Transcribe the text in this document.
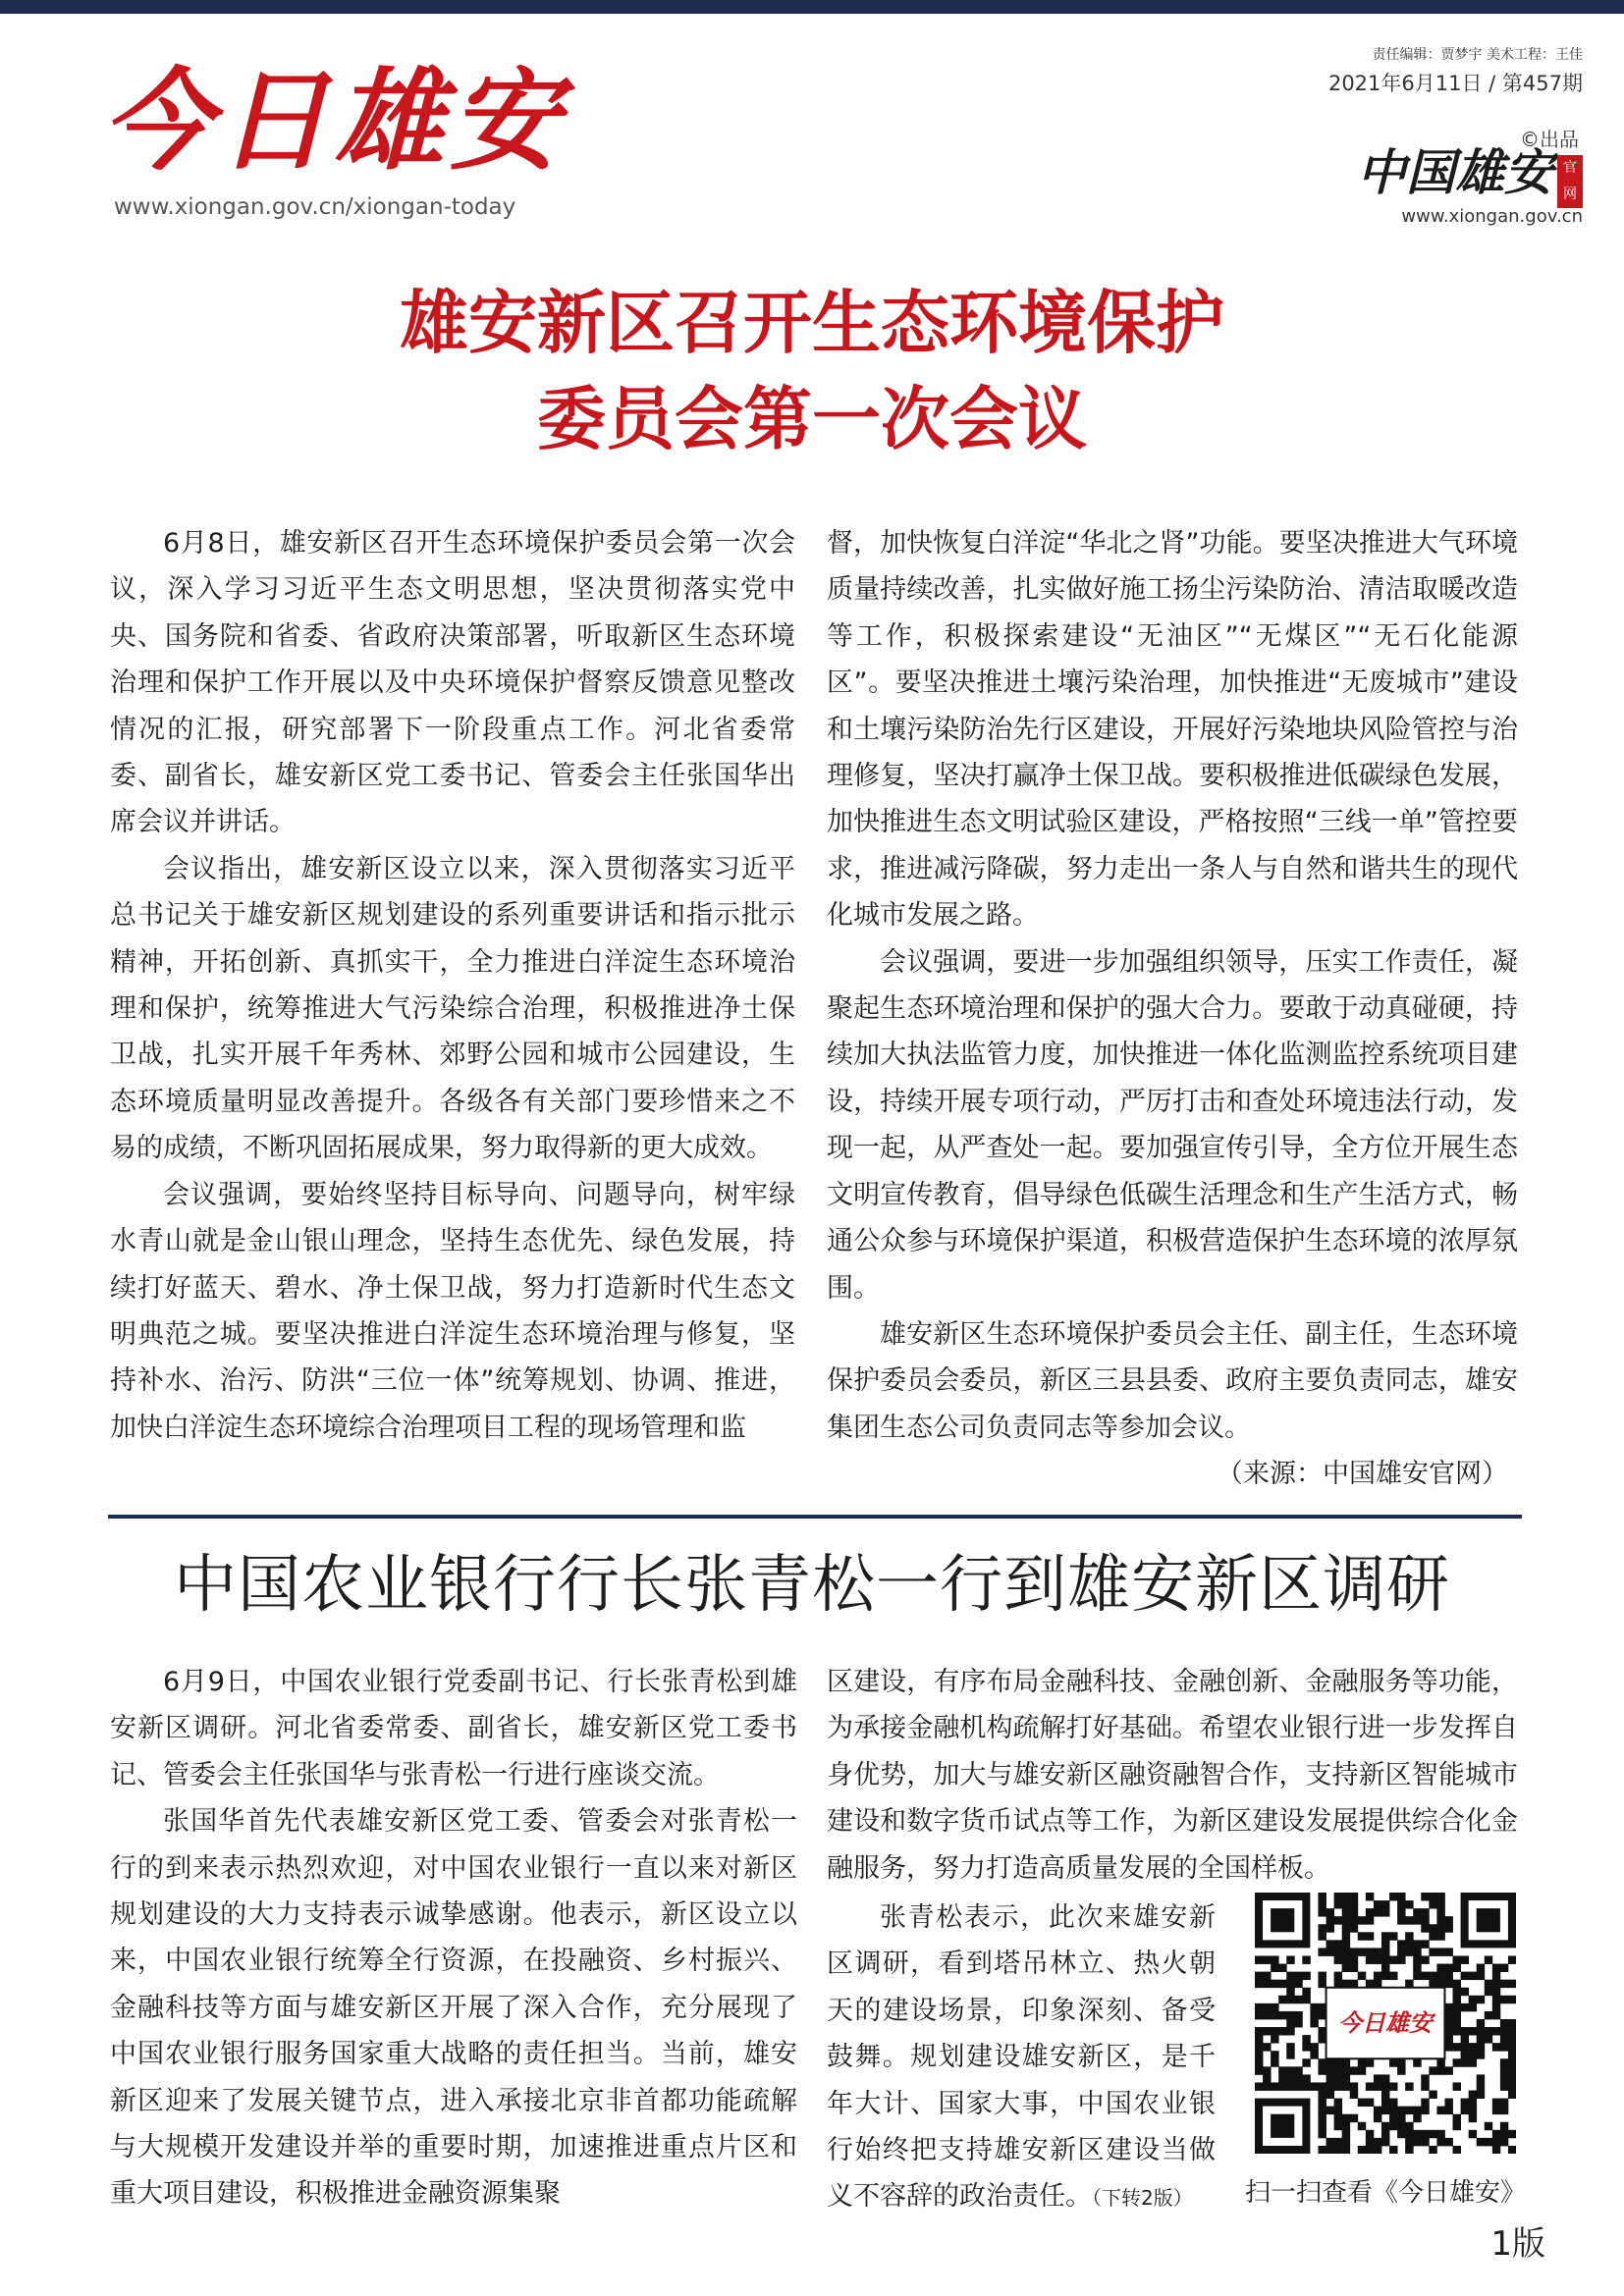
今日雄安
www.xiongan.gov.cn/xiongan-today
责任编辑：贾梦宇 美术工程：王佳
2021年6月11日 / 第457期
©出品
中国雄安 官网
www.xiongan.gov.cn
雄安新区召开生态环境保护
委员会第一次会议

6月8日，雄安新区召开生态环境保护委员会第一次会议，深入学习习近平生态文明思想，坚决贯彻落实党中央、国务院和省委、省政府决策部署，听取新区生态环境治理和保护工作开展以及中央环境保护督察反馈意见整改情况的汇报，研究部署下一阶段重点工作。河北省委常委、副省长，雄安新区党工委书记、管委会主任张国华出席会议并讲话。

会议指出，雄安新区设立以来，深入贯彻落实习近平总书记关于雄安新区规划建设的系列重要讲话和指示批示精神，开拓创新、真抓实干，全力推进白洋淀生态环境治理和保护，统筹推进大气污染综合治理，积极推进净土保卫战，扎实开展千年秀林、郊野公园和城市公园建设，生态环境质量明显改善提升。各级各有关部门要珍惜来之不易的成绩，不断巩固拓展成果，努力取得新的更大成效。

会议强调，要始终坚持目标导向、问题导向，树牢绿水青山就是金山银山理念，坚持生态优先、绿色发展，持续打好蓝天、碧水、净土保卫战，努力打造新时代生态文明典范之城。要坚决推进白洋淀生态环境治理与修复，坚持补水、治污、防洪“三位一体”统筹规划、协调、推进，加快白洋淀生态环境综合治理项目工程的现场管理和监

督，加快恢复白洋淀“华北之肾”功能。要坚决推进大气环境质量持续改善，扎实做好施工扬尘污染防治、清洁取暖改造等工作，积极探索建设“无油区”“无煤区”“无石化能源区”。要坚决推进土壤污染治理，加快推进“无废城市”建设和土壤污染防治先行区建设，开展好污染地块风险管控与治理修复，坚决打赢净土保卫战。要积极推进低碳绿色发展，加快推进生态文明试验区建设，严格按照“三线一单”管控要求，推进减污降碳，努力走出一条人与自然和谐共生的现代化城市发展之路。

会议强调，要进一步加强组织领导，压实工作责任，凝聚起生态环境治理和保护的强大合力。要敢于动真碰硬，持续加大执法监管力度，加快推进一体化监测监控系统项目建设，持续开展专项行动，严厉打击和查处环境违法行动，发现一起，从严查处一起。要加强宣传引导，全方位开展生态文明宣传教育，倡导绿色低碳生活理念和生产生活方式，畅通公众参与环境保护渠道，积极营造保护生态环境的浓厚氛围。

雄安新区生态环境保护委员会主任、副主任，生态环境保护委员会委员，新区三县县委、政府主要负责同志，雄安集团生态公司负责同志等参加会议。

（来源：中国雄安官网）

中国农业银行行长张青松一行到雄安新区调研

6月9日，中国农业银行党委副书记、行长张青松到雄安新区调研。河北省委常委、副省长，雄安新区党工委书记、管委会主任张国华与张青松一行进行座谈交流。

张国华首先代表雄安新区党工委、管委会对张青松一行的到来表示热烈欢迎，对中国农业银行一直以来对新区规划建设的大力支持表示诚挚感谢。他表示，新区设立以来，中国农业银行统筹全行资源，在投融资、乡村振兴、金融科技等方面与雄安新区开展了深入合作，充分展现了中国农业银行服务国家重大战略的责任担当。当前，雄安新区迎来了发展关键节点，进入承接北京非首都功能疏解与大规模开发建设并举的重要时期，加速推进重点片区和重大项目建设，积极推进金融资源集聚

区建设，有序布局金融科技、金融创新、金融服务等功能，为承接金融机构疏解打好基础。希望农业银行进一步发挥自身优势，加大与雄安新区融资融智合作，支持新区智能城市建设和数字货币试点等工作，为新区建设发展提供综合化金融服务，努力打造高质量发展的全国样板。

张青松表示，此次来雄安新区调研，看到塔吊林立、热火朝天的建设场景，印象深刻、备受鼓舞。规划建设雄安新区，是千年大计、国家大事，中国农业银行始终把支持雄安新区建设当做义不容辞的政治责任。（下转2版）

今日雄安
扫一扫查看《今日雄安》
1版
